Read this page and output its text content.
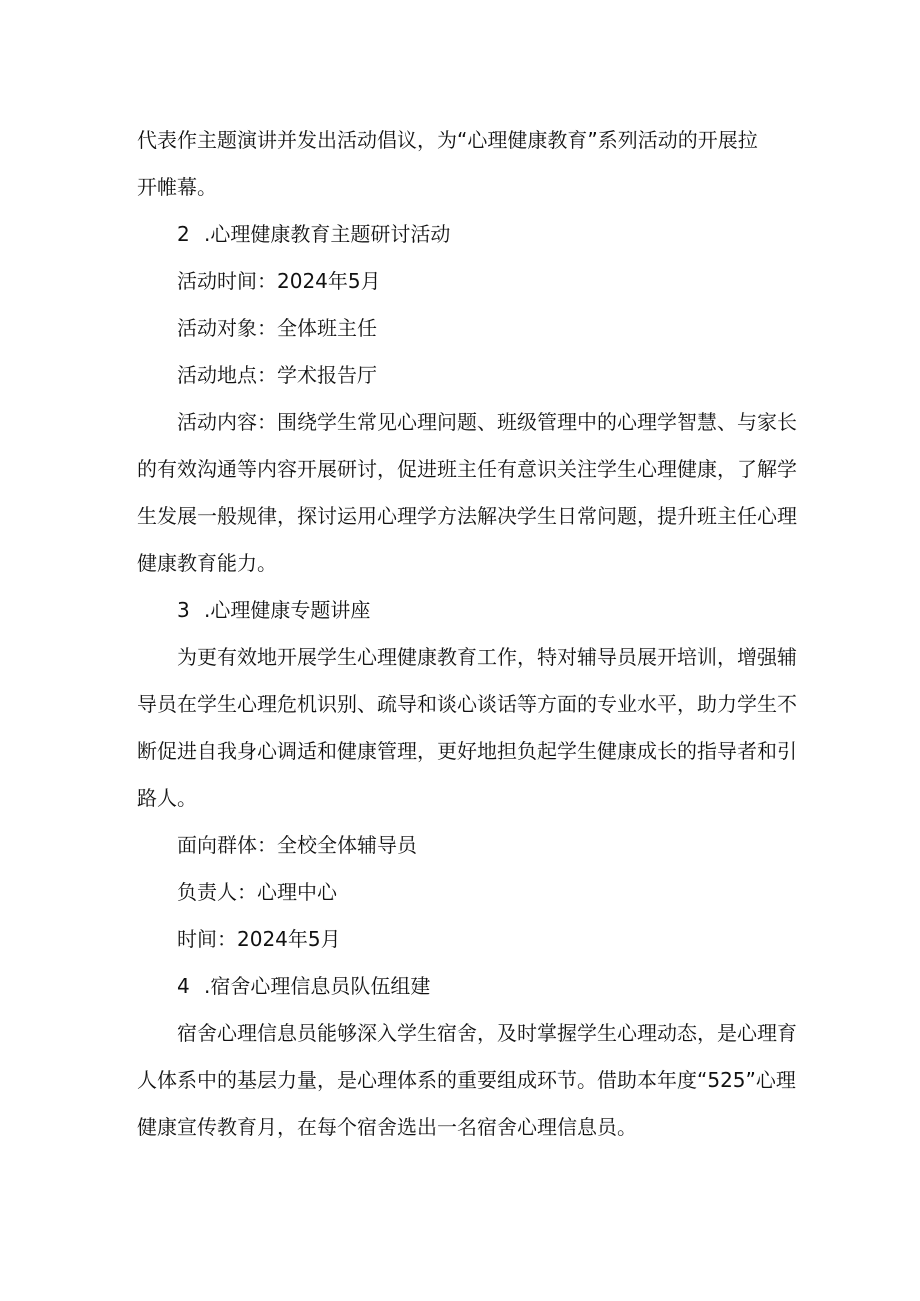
代表作主题演讲并发出活动倡议，为“心理健康教育”系列活动的开展拉

开帷幕。

2 .心理健康教育主题研讨活动

活动时间：2024年5月

活动对象：全体班主任

活动地点：学术报告厅

活动内容：围绕学生常见心理问题、班级管理中的心理学智慧、与家长

的有效沟通等内容开展研讨，促进班主任有意识关注学生心理健康，了解学

生发展一般规律，探讨运用心理学方法解决学生日常问题，提升班主任心理

健康教育能力。

3 .心理健康专题讲座

为更有效地开展学生心理健康教育工作，特对辅导员展开培训，增强辅

导员在学生心理危机识别、疏导和谈心谈话等方面的专业水平，助力学生不

断促进自我身心调适和健康管理，更好地担负起学生健康成长的指导者和引

路人。

面向群体：全校全体辅导员

负责人：心理中心

时间：2024年5月

4 .宿舍心理信息员队伍组建

宿舍心理信息员能够深入学生宿舍，及时掌握学生心理动态，是心理育

人体系中的基层力量，是心理体系的重要组成环节。借助本年度“525”心理

健康宣传教育月，在每个宿舍选出一名宿舍心理信息员。
